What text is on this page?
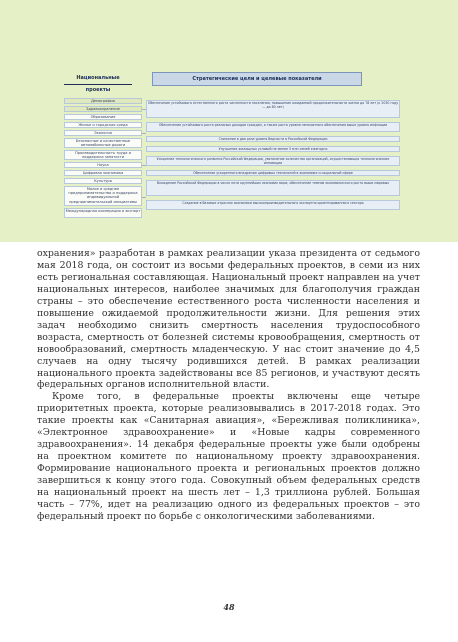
Национальные проекты
Стратегические цели и целевые показатели
Демография
Здравоохранение
Образование
Жилье и городская среда
Экология
Безопасные и качественные автомобильные дороги
Производительность труда и поддержка занятости
Наука
Цифровая экономика
Культура
Малое и среднее предпринимательство и поддержка индивидуальной предпринимательской инициативы
Международная кооперация и экспорт
Обеспечение устойчивого естественного роста численности населения; повышение ожидаемой продолжительности жизни до 78 лет (к 2030 году — до 80 лет)
Обеспечение устойчивого роста реальных доходов граждан, а также роста уровня пенсионного обеспечения выше уровня инфляции
Снижение в два раза уровня бедности в Российской Федерации
Улучшение жилищных условий не менее 5 млн семей ежегодно
Ускорение технологического развития Российской Федерации, увеличение количества организаций, осуществляющих технологические инновации
Обеспечение ускоренного внедрения цифровых технологий в экономике и социальной сфере
Вхождение Российской Федерации в число пяти крупнейших экономик мира, обеспечение темпов экономического роста выше мировых
Создание в базовых отраслях экономики высокопроизводительного экспортно ориентированного сектора

охранения» разработан в рамках реализации указа президента от седьмого мая 2018 года, он состоит из восьми федеральных проектов, в семи из них есть региональная составляющая. Национальный проект направлен на учет национальных интересов, наиболее значимых для благополучия граждан страны – это обеспечение естественного роста численности населения и повышение ожидаемой продолжительности жизни. Для решения этих задач необходимо снизить смертность населения трудоспособного возраста, смертность от болезней системы кровообращения, смертность от новообразований, смертность младенческую. У нас стоит значение до 4,5 случаев на одну тысячу родившихся детей. В рамках реализации национального проекта задействованы все 85 регионов, и участвуют десять федеральных органов исполнительной власти.

Кроме того, в федеральные проекты включены еще четыре приоритетных проекта, которые реализовывались в 2017-2018 годах. Это такие проекты как «Санитарная авиация», «Бережливая поликлиника», «Электронное здравоохранение» и «Новые кадры современного здравоохранения». 14 декабря федеральные проекты уже были одобрены на проектном комитете по национальному проекту здравоохранения. Формирование национального проекта и региональных проектов должно завершиться к концу этого года. Совокупный объем федеральных средств на национальный проект на шесть лет – 1,3 триллиона рублей. Большая часть – 77%, идет на реализацию одного из федеральных проектов – это федеральный проект по борьбе с онкологическими заболеваниями.

48
